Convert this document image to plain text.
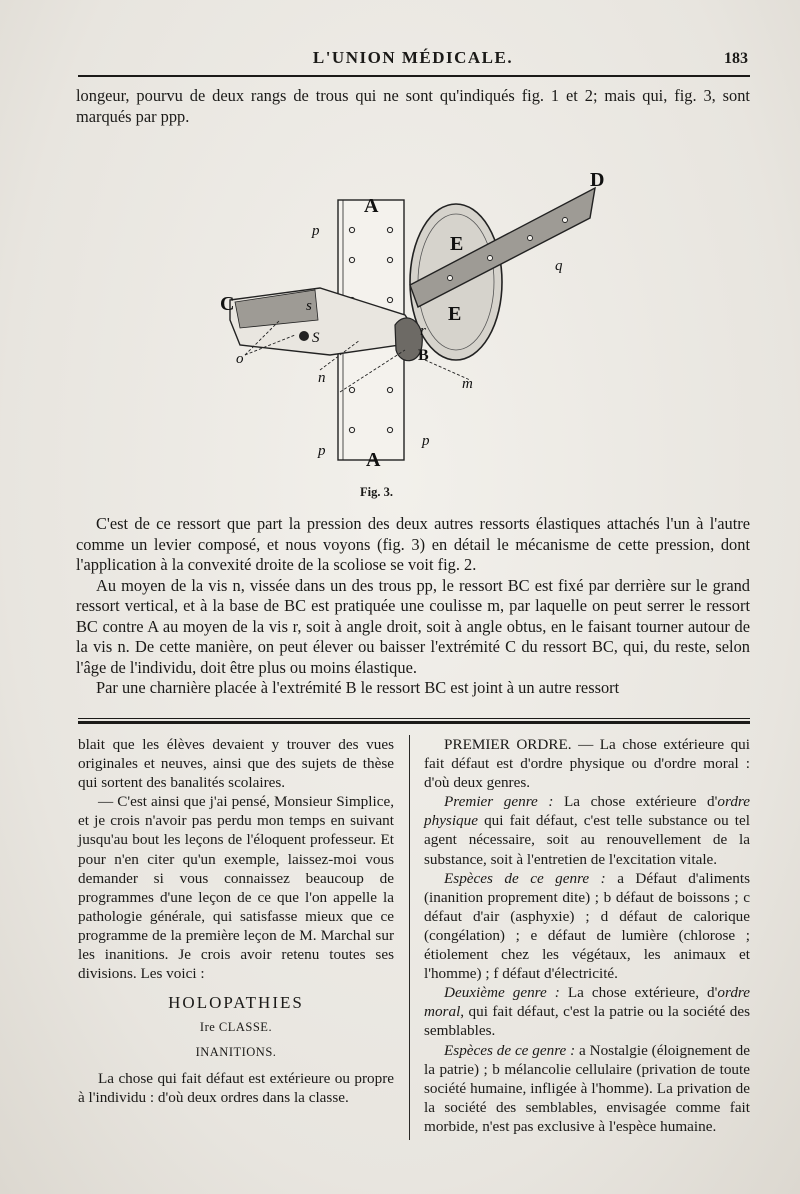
L'UNION MÉDICALE.	183

longeur, pourvu de deux rangs de trous qui ne sont qu'indiqués fig. 1 et 2; mais qui, fig. 3, sont marqués par ppp.

D
A
A
E
E
C
B
S
s
q
r
m
n
o
p
p
p
Fig. 3.

C'est de ce ressort que part la pression des deux autres ressorts élastiques attachés l'un à l'autre comme un levier composé, et nous voyons (fig. 3) en détail le mécanisme de cette pression, dont l'application à la convexité droite de la scoliose se voit fig. 2.

Au moyen de la vis n, vissée dans un des trous pp, le ressort BC est fixé par derrière sur le grand ressort vertical, et à la base de BC est pratiquée une coulisse m, par laquelle on peut serrer le ressort BC contre A au moyen de la vis r, soit à angle droit, soit à angle obtus, en le faisant tourner autour de la vis n. De cette manière, on peut élever ou baisser l'extrémité C du ressort BC, qui, du reste, selon l'âge de l'individu, doit être plus ou moins élastique.

Par une charnière placée à l'extrémité B le ressort BC est joint à un autre ressort

blait que les élèves devaient y trouver des vues originales et neuves, ainsi que des sujets de thèse qui sortent des banalités scolaires.

— C'est ainsi que j'ai pensé, Monsieur Simplice, et je crois n'avoir pas perdu mon temps en suivant jusqu'au bout les leçons de l'éloquent professeur. Et pour n'en citer qu'un exemple, laissez-moi vous demander si vous connaissez beaucoup de programmes d'une leçon de ce que l'on appelle la pathologie générale, qui satisfasse mieux que ce programme de la première leçon de M. Marchal sur les inanitions. Je crois avoir retenu toutes ses divisions. Les voici :

HOLOPATHIES

Ire CLASSE.

INANITIONS.

La chose qui fait défaut est extérieure ou propre à l'individu : d'où deux ordres dans la classe.

PREMIER ORDRE. — La chose extérieure qui fait défaut est d'ordre physique ou d'ordre moral : d'où deux genres.

Premier genre : La chose extérieure d'ordre physique qui fait défaut, c'est telle substance ou tel agent nécessaire, soit au renouvellement de la substance, soit à l'entretien de l'excitation vitale.

Espèces de ce genre : a Défaut d'aliments (inanition proprement dite) ; b défaut de boissons ; c défaut d'air (asphyxie) ; d défaut de calorique (congélation) ; e défaut de lumière (chlorose ; étiolement chez les végétaux, les animaux et l'homme) ; f défaut d'électricité.

Deuxième genre : La chose extérieure, d'ordre moral, qui fait défaut, c'est la patrie ou la société des semblables.

Espèces de ce genre : a Nostalgie (éloignement de la patrie) ; b mélancolie cellulaire (privation de toute société humaine, infligée à l'homme). La privation de la société des semblables, envisagée comme fait morbide, n'est pas exclusive à l'espèce humaine.
